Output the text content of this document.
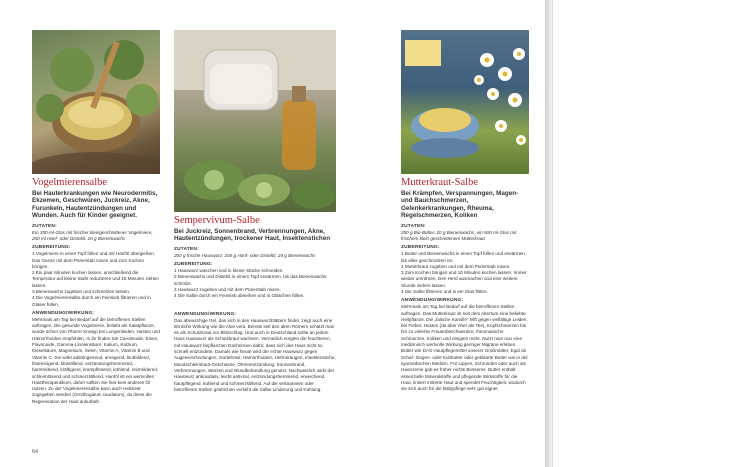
Vogelmierensalbe

Bei Hauterkrankungen wie Neurodermitis, Ekzemen, Geschwüren, Juckreiz, Akne, Furunkeln, Hautentzündungen und Wunden. Auch für Kinder geeignet.

ZUTATEN:

Ein 300-ml-Glas mit frischer kleingeschnittener Vogelmiere, 200 ml Hanf- oder Distelöl, 20 g Bienenwachs

ZUBEREITUNG:
1 Vogelmiere in einen Topf füllen und mit Hanföl übergießen. Das Ganze mit dem Pürierstab mixen und zum Kochen bringen.
2 Ein paar Minuten kochen lassen, anschließend die Temperatur auf kleine Stufe reduzieren und 15 Minuten ziehen lassen.
3 Bienenwachs zugeben und schmelzen lassen.
4 Die Vogelmierensalbe durch ein Feinsieb filtrieren und in Gläser füllen.
ANWENDUNG/WIRKUNG:

Mehrmals am Tag bei Bedarf auf die betroffenen Stellen auftragen. Die gesunde Vogelmiere, beliebt als Salatpflanze, wurde schon von Pfarrer Kneipp bei Lungenleiden, Husten und Hämorrhoiden empfohlen. In ihr finden Sie Carotinoide, Eisen, Flavonoide, Gamma-Linolensäure, Kalium, Kalzium, Kieselsäure, Magnesium, Selen, Vitamin A, Vitamin B und Vitamin C. Sie wirkt adstringierend, anregend, blutbildend, blutreinigend, blutstillend, entzündungshemmend, harntreibend, kräftigend, krampflösend, kühlend, reizmildernd, schleimlösend und schmerzstillend. Hanföl ist ein wertvolles Hauttherapeutikum, daher sollten Sie hier kein anderes Öl nutzen. Zu der Vogelmierensalbe kann auch Heilziest zugegeben werden (Ornithogalum caudatum), da diese die Regeneration der Haut ankurbelt.

Sempervivum-Salbe

Bei Juckreiz, Sonnenbrand, Verbrennungen, Akne, Hautentzündungen, trockener Haut, Insektenstichen

ZUTATEN:

200 g frische Hauswurz, 200 g Hanf- oder Distelöl, 20 g Bienenwachs

ZUBEREITUNG:
1 Hauswurz waschen und in kleine Stücke schneiden.
2 Bienenwachs und Distelöl in einem Topf erwärmen, bis das Bienenwachs schmilzt.
3 Hauswurz zugeben und mit dem Pürierstab mixen.
4 Die Salbe durch ein Feinsieb abseihen und in Gläschen füllen.
ANWENDUNG/WIRKUNG:

Das abwaschige Gel, das sich in den Hauswurzblättern findet, zeigt auch eine ähnliche Wirkung wie die Aloe vera. Bereits seit den alten Römern schätzt man es als Schutzkraut vor Blitzschlag. Und auch in Deutschland sollte an jedem Haus Hauswurz als Schutzkraut wachsen. Vermutlich sorgten die feuchteren, mit Hauswurz bepflanzten Dachrinnen dafür, dass sich das Haus nicht so schnell entzündete. Damals wie heute wird der echte Hauswurz gegen Augenentzündungen, Gürtelrose, Hämorrhoiden, Hühneraugen, Insektenstiche, Mundschleimhaut-Geschwüre, Ohrenentzündung, Sonnenbrand, Verbrennungen, Warzen und Wundbehandlung genutzt. Nachweislich wirkt der Hauswurz antioxidativ, leicht antiviral, entzündungshemmend, erweichend, hautpflegend, kühlend und schmerzstillend. Auf die verbrannten oder betroffenen Stellen gestrichen verleiht die Salbe Linderung und Kühlung.

Mutterkraut-Salbe

Bei Krämpfen, Verspannungen, Magen- und Bauchschmerzen, Gelenkerkrankungen, Rheuma, Regelschmerzen, Koliken

ZUTATEN:

250 g Bio-Butter, 20 g Bienenwachs, ein 500-ml-Glas mit frischem klein geschnittenem Mutterkraut

ZUBEREITUNG:
1 Butter und Bienenwachs in einen Topf füllen und erwärmen, bis alles geschmolzen ist.
2 Mutterkraut zugeben und mit dem Pürierstab mixen.
3 Zum Kochen bringen und 10 Minuten kochen lassen. Immer wieder umrühren. Den Herd ausmachen und eine weitere Stunde ziehen lassen.
4 Die Salbe filtrieren und in ein Glas füllen.
ANWENDUNG/WIRKUNG:

Mehrmals am Tag bei Bedarf auf die betroffenen Stellen auftragen. Das Mutterkraut ist seit dem Altertum eine beliebte Heilpflanze. Die „falsche Kamille“ hilft gegen vielfältige Leiden, bei Fieber, Husten (da aber eher als Tee), Kopfschmerzen bis hin zu vielerlei Frauenbeschwerden, rheumatische Schmerzen, Koliken und einigem mehr. Nutzt man nun eine medizinisch wertvolle Wirkung geringer Migräne erleben. Butter wie DAS Hautpflegemittel unserer Großmütter. Egal ob Schaf- Ziegen- oder Kuhbutter oder gekläarte Butter wie in der ayurvedischen Medizin. Für Lippen, Schrunden oder auch als Hautcreme gab es früher nichts Besseres. Butter enthält essenzielle Mineralstoffe und pflegende Wirkstoffe für die Haut, lindert irritierte Haut und spendet Feuchtigkeit, wodurch sie sich auch für die Babypflege sehr gut eignet.

64
